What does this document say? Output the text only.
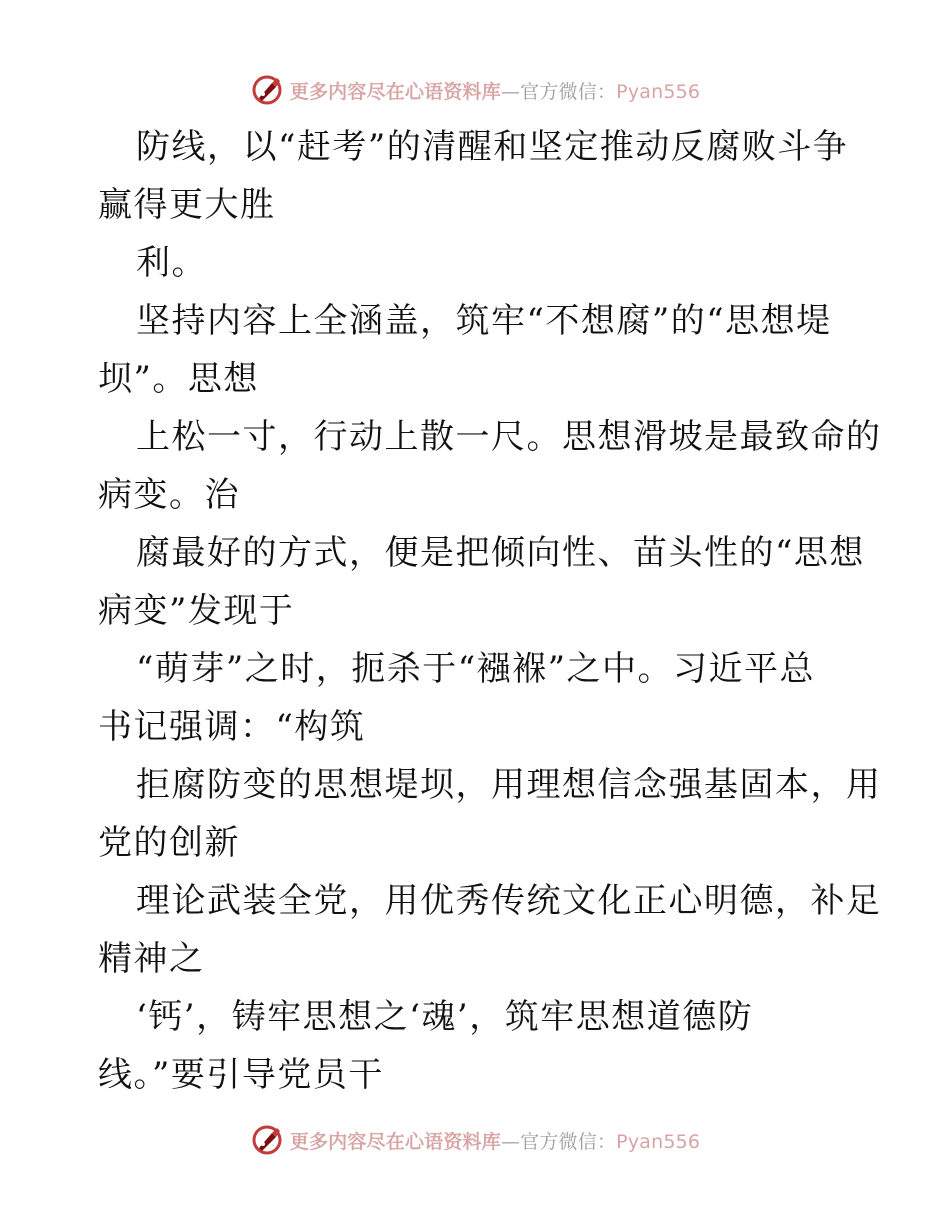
更多内容尽在心语资料库—官方微信：Pyan556
防线，以“赶考”的清醒和坚定推动反腐败斗争
赢得更大胜
利。
坚持内容上全涵盖，筑牢“不想腐”的“思想堤
坝”。思想
上松一寸，行动上散一尺。思想滑坡是最致命的
病变。治
腐最好的方式，便是把倾向性、苗头性的“思想
病变”发现于
“萌芽”之时，扼杀于“襁褓”之中。习近平总
书记强调：“构筑
拒腐防变的思想堤坝，用理想信念强基固本，用
党的创新
理论武装全党，用优秀传统文化正心明德，补足
精神之
‘钙’，铸牢思想之‘魂’，筑牢思想道德防
线。”要引导党员干
更多内容尽在心语资料库—官方微信：Pyan556
